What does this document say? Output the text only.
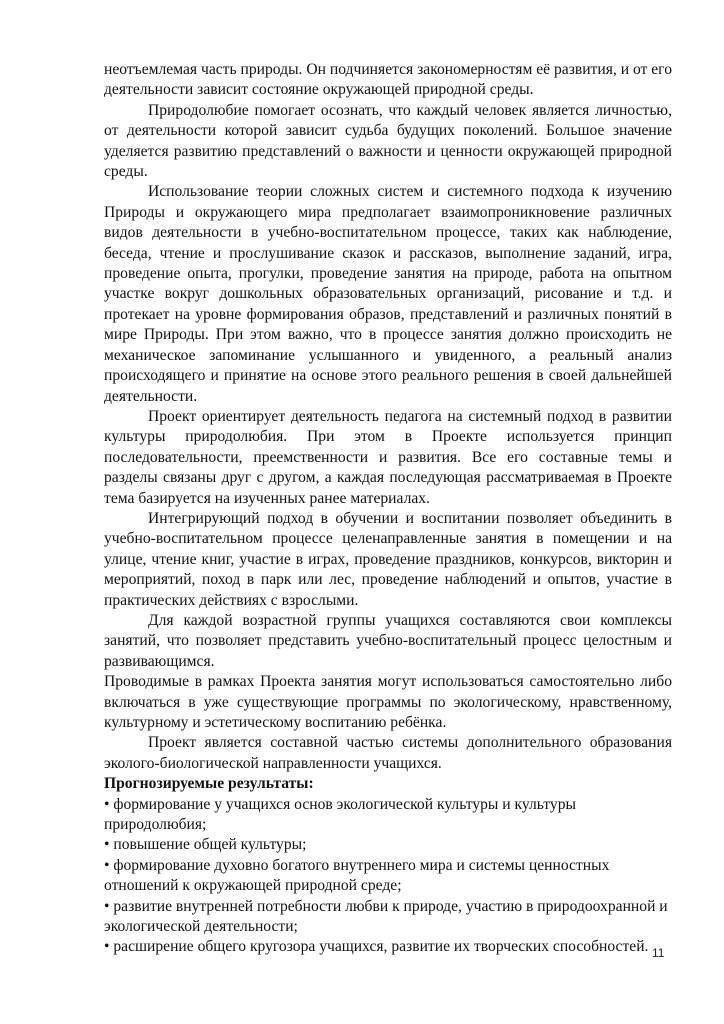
неотъемлемая часть природы. Он подчиняется закономерностям её развития, и от его деятельности зависит состояние окружающей природной среды.

Природолюбие помогает осознать, что каждый человек является личностью, от деятельности которой зависит судьба будущих поколений. Большое значение уделяется развитию представлений о важности и ценности окружающей природной среды.

Использование теории сложных систем и системного подхода к изучению Природы и окружающего мира предполагает взаимопроникновение различных видов деятельности в учебно-воспитательном процессе, таких как наблюдение, беседа, чтение и прослушивание сказок и рассказов, выполнение заданий, игра, проведение опыта, прогулки, проведение занятия на природе, работа на опытном участке вокруг дошкольных образовательных организаций, рисование и т.д. и протекает на уровне формирования образов, представлений и различных понятий в мире Природы. При этом важно, что в процессе занятия должно происходить не механическое запоминание услышанного и увиденного, а реальный анализ происходящего и принятие на основе этого реального решения в своей дальнейшей деятельности.

Проект ориентирует деятельность педагога на системный подход в развитии культуры природолюбия. При этом в Проекте используется принцип последовательности, преемственности и развития. Все его составные темы и разделы связаны друг с другом, а каждая последующая рассматриваемая в Проекте тема базируется на изученных ранее материалах.

Интегрирующий подход в обучении и воспитании позволяет объединить в учебно-воспитательном процессе целенаправленные занятия в помещении и на улице, чтение книг, участие в играх, проведение праздников, конкурсов, викторин и мероприятий, поход в парк или лес, проведение наблюдений и опытов, участие в практических действиях с взрослыми.

Для каждой возрастной группы учащихся составляются свои комплексы занятий, что позволяет представить учебно-воспитательный процесс целостным и развивающимся.

Проводимые в рамках Проекта занятия могут использоваться самостоятельно либо включаться в уже существующие программы по экологическому, нравственному, культурному и эстетическому воспитанию ребёнка.

Проект является составной частью системы дополнительного образования эколого-биологической направленности учащихся.

Прогнозируемые результаты:

• формирование у учащихся основ экологической культуры и культуры природолюбия;
• повышение общей культуры;
• формирование духовно богатого внутреннего мира и системы ценностных отношений к окружающей природной среде;
• развитие внутренней потребности любви к природе, участию в природоохранной и экологической деятельности;
• расширение общего кругозора учащихся, развитие их творческих способностей. 11
